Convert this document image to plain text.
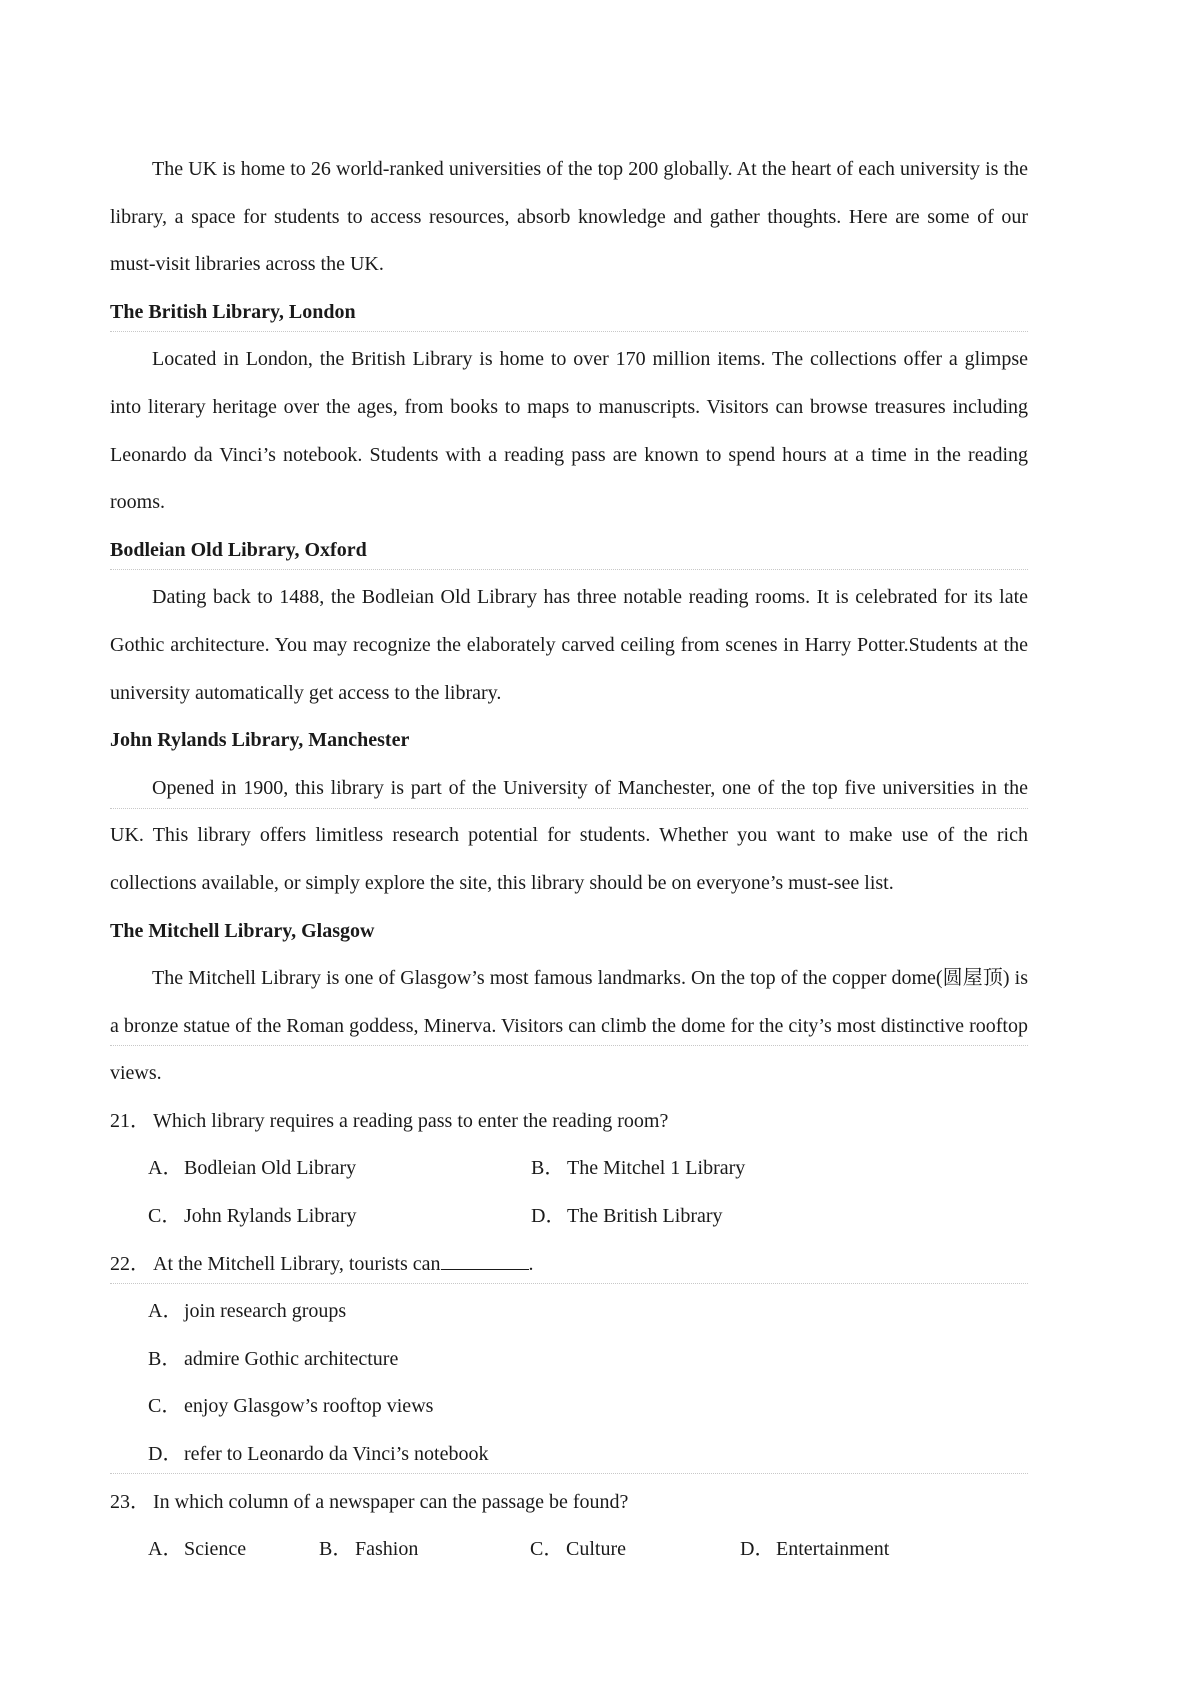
The UK is home to 26 world-ranked universities of the top 200 globally. At the heart of each university is the library, a space for students to access resources, absorb knowledge and gather thoughts. Here are some of our must-visit libraries across the UK.

The British Library, London

Located in London, the British Library is home to over 170 million items. The collections offer a glimpse into literary heritage over the ages, from books to maps to manuscripts. Visitors can browse treasures including Leonardo da Vinci’s notebook. Students with a reading pass are known to spend hours at a time in the reading rooms.

Bodleian Old Library, Oxford

Dating back to 1488, the Bodleian Old Library has three notable reading rooms. It is celebrated for its late Gothic architecture. You may recognize the elaborately carved ceiling from scenes in Harry Potter.Students at the university automatically get access to the library.

John Rylands Library, Manchester

Opened in 1900, this library is part of the University of Manchester, one of the top five universities in the UK. This library offers limitless research potential for students. Whether you want to make use of the rich collections available, or simply explore the site, this library should be on everyone’s must-see list.

The Mitchell Library, Glasgow

The Mitchell Library is one of Glasgow’s most famous landmarks. On the top of the copper dome(圆屋顶) is a bronze statue of the Roman goddess, Minerva. Visitors can climb the dome for the city’s most distinctive rooftop views.

21． Which library requires a reading pass to enter the reading room?
A． Bodleian Old Library	B． The Mitchel 1 Library
C． John Rylands Library	D． The British Library
22． At the Mitchell Library, tourists can	.
A． join research groups
B． admire Gothic architecture
C． enjoy Glasgow’s rooftop views
D． refer to Leonardo da Vinci’s notebook
23． In which column of a newspaper can the passage be found?
A． Science	B． Fashion	C． Culture	D． Entertainment
